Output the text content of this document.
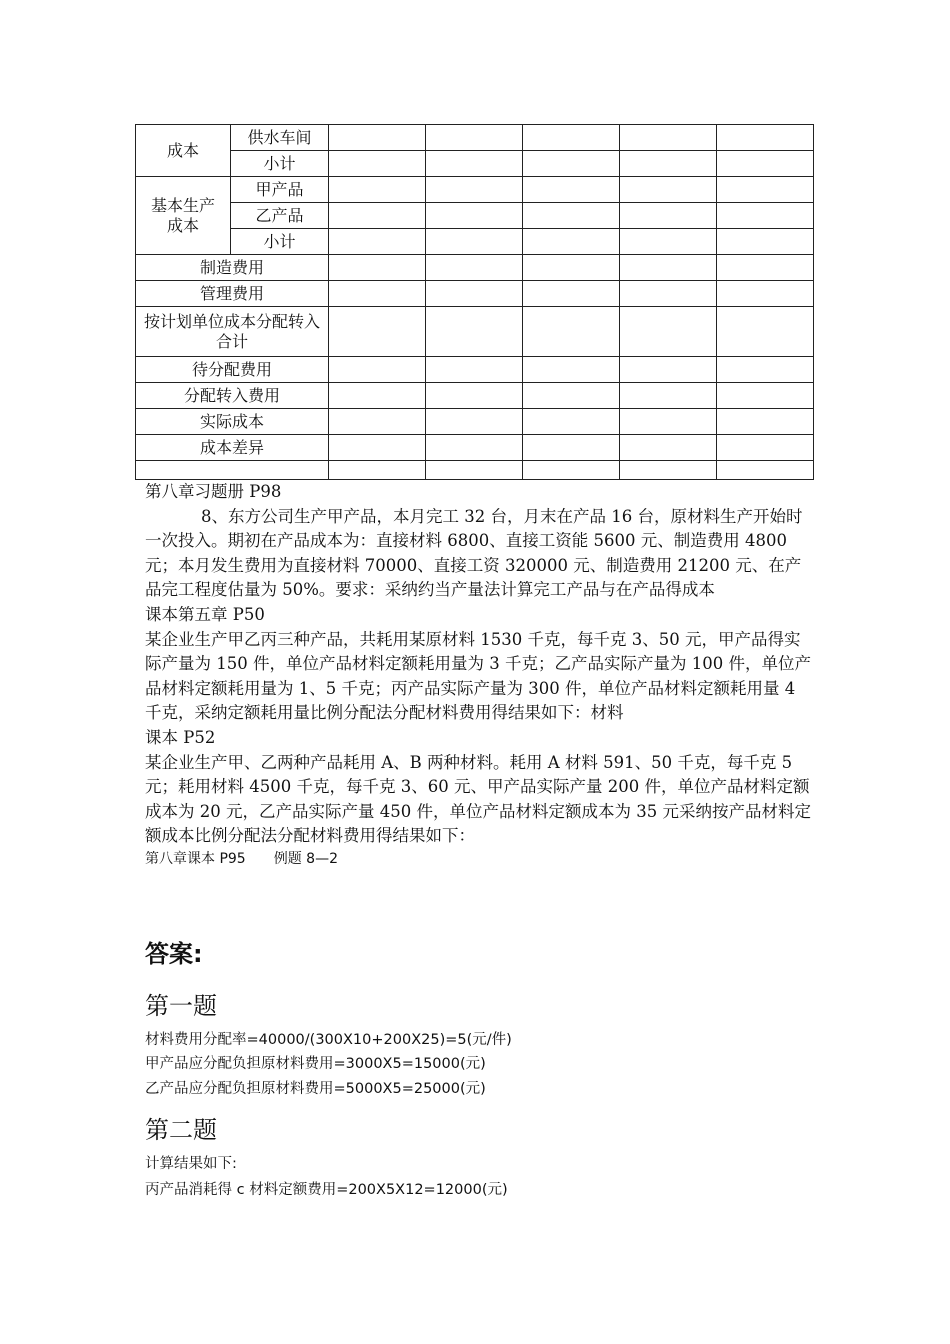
成本	供水车间					
	小计					
基本生产成本	甲产品					
	乙产品					
	小计					
制造费用						
管理费用						
按计划单位成本分配转入合计						
待分配费用						
分配转入费用						
实际成本						
成本差异						

第八章习题册 P98

8、东方公司生产甲产品，本月完工 32 台，月末在产品 16 台，原材料生产开始时一次投入。期初在产品成本为：直接材料 6800、直接工资能 5600 元、制造费用 4800 元；本月发生费用为直接材料 70000、直接工资 320000 元、制造费用 21200 元、在产品完工程度估量为 50%。要求：采纳约当产量法计算完工产品与在产品得成本

课本第五章 P50

某企业生产甲乙丙三种产品，共耗用某原材料 1530 千克，每千克 3、50 元，甲产品得实际产量为 150 件，单位产品材料定额耗用量为 3 千克；乙产品实际产量为 100 件，单位产品材料定额耗用量为 1、5 千克；丙产品实际产量为 300 件，单位产品材料定额耗用量 4 千克，采纳定额耗用量比例分配法分配材料费用得结果如下：材料

课本 P52

某企业生产甲、乙两种产品耗用 A、B 两种材料。耗用 A 材料 591、50 千克，每千克 5 元；耗用材料 4500 千克，每千克 3、60 元、甲产品实际产量 200 件，单位产品材料定额成本为 20 元，乙产品实际产量 450 件，单位产品材料定额成本为 35 元采纳按产品材料定额成本比例分配法分配材料费用得结果如下：

第八章课本 P95　　例题 8—2

答案:
第一题
材料费用分配率=40000/(300X10+200X25)=5(元/件)
甲产品应分配负担原材料费用=3000X5=15000(元)
乙产品应分配负担原材料费用=5000X5=25000(元)
第二题
计算结果如下:
丙产品消耗得 c 材料定额费用=200X5X12=12000(元)
